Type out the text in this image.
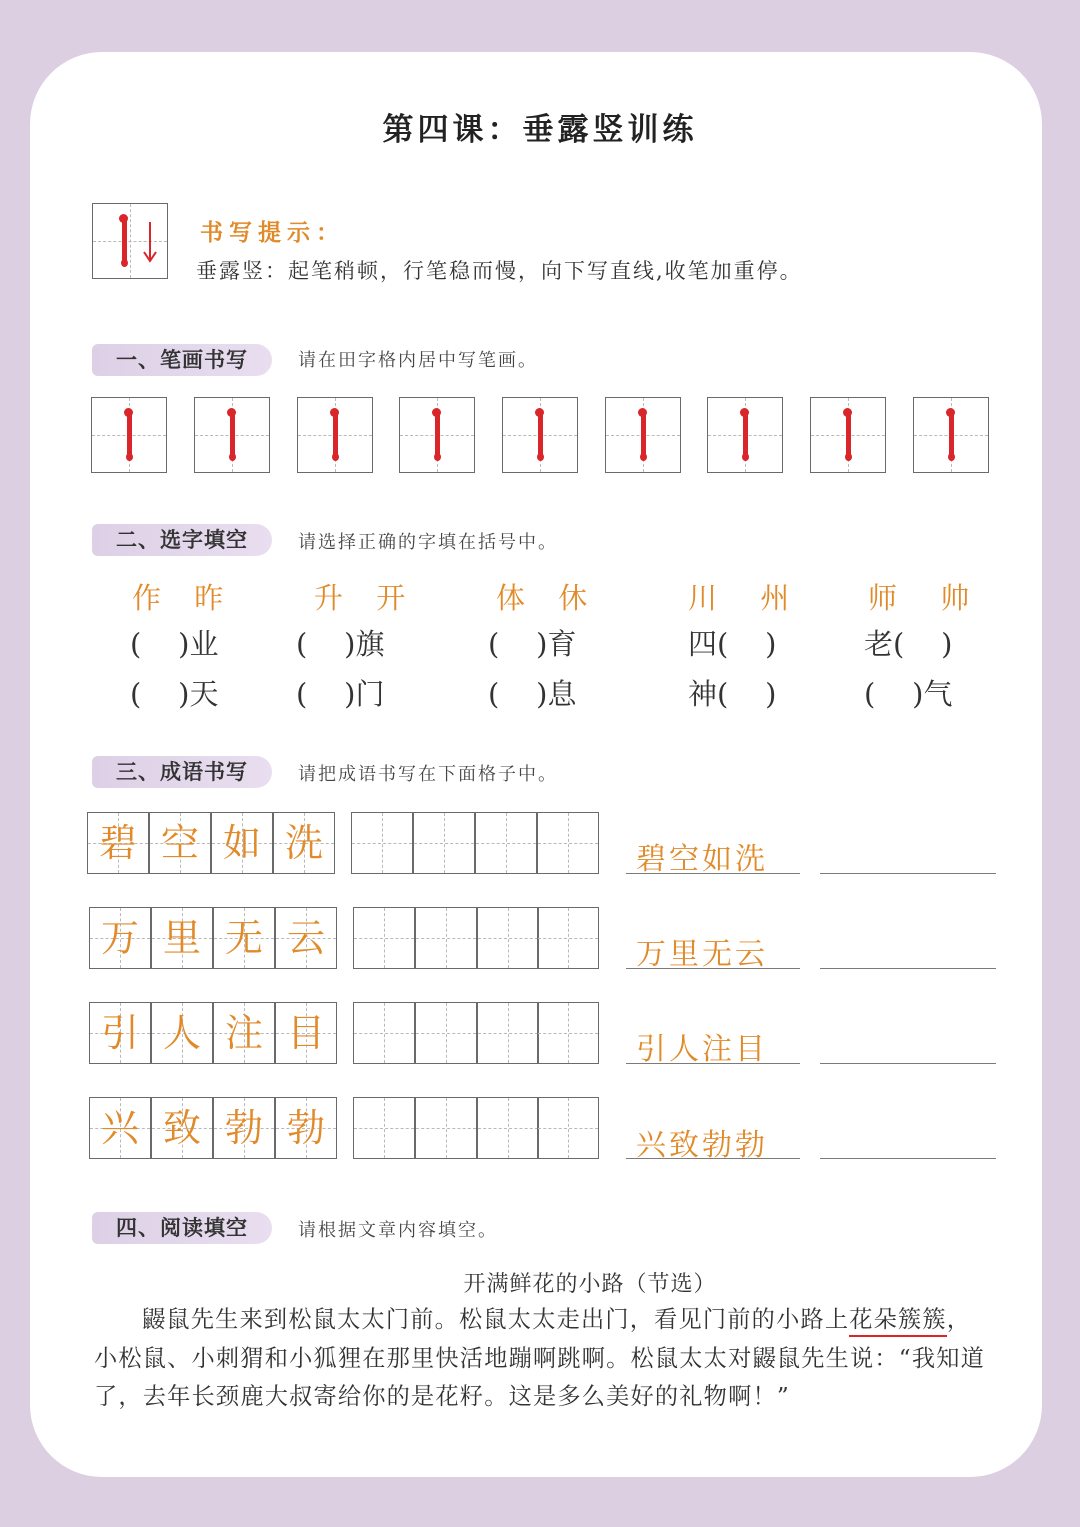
第四课：垂露竖训练
书写提示：
垂露竖：起笔稍顿，行笔稳而慢，向下写直线,收笔加重停。
一、笔画书写	请在田字格内居中写笔画。
二、选字填空	请选择正确的字填在括号中。
作 昨	升 开	体 休	川 州	师 帅
(    )业	(    )旗	(    )育	四(    )	老(    )
(    )天	(    )门	(    )息	神(    )	(    )气
三、成语书写	请把成语书写在下面格子中。
碧 空 如 洗	碧空如洗
万 里 无 云	万里无云
引 人 注 目	引人注目
兴 致 勃 勃	兴致勃勃
四、阅读填空	请根据文章内容填空。
开满鲜花的小路（节选）
鼹鼠先生来到松鼠太太门前。松鼠太太走出门，看见门前的小路上花朵簇簇，小松鼠、小刺猬和小狐狸在那里快活地蹦啊跳啊。松鼠太太对鼹鼠先生说：“我知道了，去年长颈鹿大叔寄给你的是花籽。这是多么美好的礼物啊！”
